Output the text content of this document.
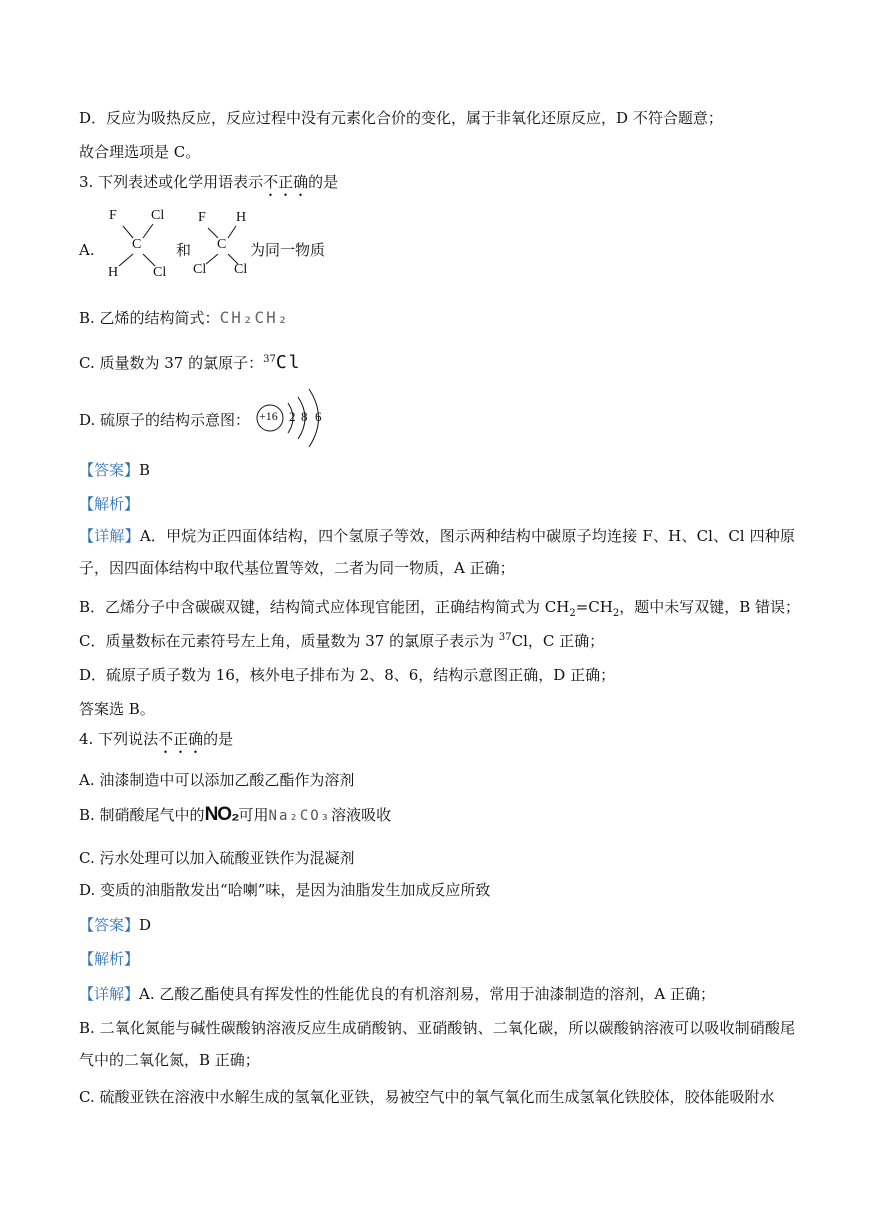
D．反应为吸热反应，反应过程中没有元素化合价的变化，属于非氧化还原反应，D 不符合题意；
故合理选项是 C。
3. 下列表述或化学用语表示不正确的是
A.
F Cl
C
H Cl
和
F H
C
Cl Cl
为同一物质
B. 乙烯的结构简式：CH₂CH₂
C. 质量数为 37 的氯原子：$^{37}$Cl
D. 硫原子的结构示意图： +16 2 8 6
【答案】B
【解析】
【详解】A．甲烷为正四面体结构，四个氢原子等效，图示两种结构中碳原子均连接 F、H、Cl、Cl 四种原子，因四面体结构中取代基位置等效，二者为同一物质，A 正确；
B．乙烯分子中含碳碳双键，结构简式应体现官能团，正确结构简式为 $CH_2=CH_2$，题中未写双键，B 错误；
C．质量数标在元素符号左上角，质量数为 37 的氯原子表示为 $^{37}$Cl，C 正确；
D．硫原子质子数为 16，核外电子排布为 2、8、6，结构示意图正确，D 正确；
答案选 B。
4. 下列说法不正确的是
A. 油漆制造中可以添加乙酸乙酯作为溶剂
B. 制硝酸尾气中的NO₂可用Na₂CO₃溶液吸收
C. 污水处理可以加入硫酸亚铁作为混凝剂
D. 变质的油脂散发出“哈喇”味，是因为油脂发生加成反应所致
【答案】D
【解析】
【详解】A. 乙酸乙酯使具有挥发性的性能优良的有机溶剂易，常用于油漆制造的溶剂，A 正确；
B. 二氧化氮能与碱性碳酸钠溶液反应生成硝酸钠、亚硝酸钠、二氧化碳，所以碳酸钠溶液可以吸收制硝酸尾气中的二氧化氮，B 正确；
C. 硫酸亚铁在溶液中水解生成的氢氧化亚铁，易被空气中的氧气氧化而生成氢氧化铁胶体，胶体能吸附水
